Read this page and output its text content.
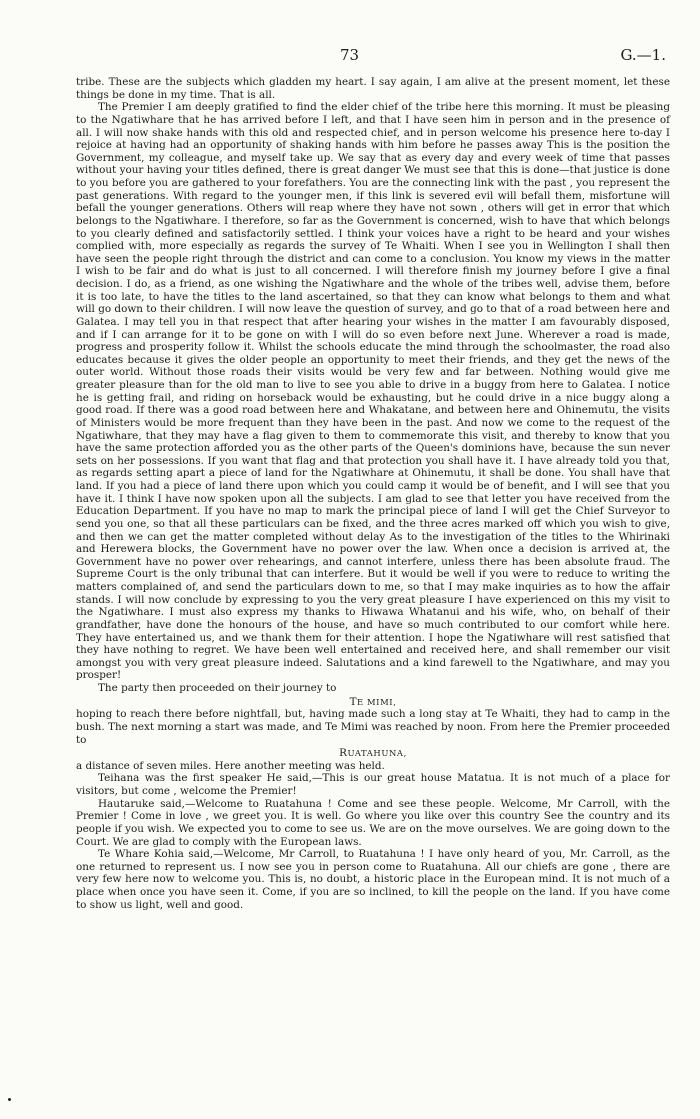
73	G.—1.

tribe. These are the subjects which gladden my heart. I say again, I am alive at the present moment, let these things be done in my time. That is all.

The Premier I am deeply gratified to find the elder chief of the tribe here this morning. It must be pleasing to the Ngatiwhare that he has arrived before I left, and that I have seen him in person and in the presence of all. I will now shake hands with this old and respected chief, and in person welcome his presence here to-day I rejoice at having had an opportunity of shaking hands with him before he passes away This is the position the Government, my colleague, and myself take up. We say that as every day and every week of time that passes without your having your titles defined, there is great danger We must see that this is done—that justice is done to you before you are gathered to your forefathers. You are the connecting link with the past , you represent the past generations. With regard to the younger men, if this link is severed evil will befall them, misfortune will befall the younger generations. Others will reap where they have not sown , others will get in error that which belongs to the Ngatiwhare. I therefore, so far as the Government is concerned, wish to have that which belongs to you clearly defined and satisfactorily settled. I think your voices have a right to be heard and your wishes complied with, more especially as regards the survey of Te Whaiti. When I see you in Wellington I shall then have seen the people right through the district and can come to a conclusion. You know my views in the matter I wish to be fair and do what is just to all concerned. I will therefore finish my journey before I give a final decision. I do, as a friend, as one wishing the Ngatiwhare and the whole of the tribes well, advise them, before it is too late, to have the titles to the land ascertained, so that they can know what belongs to them and what will go down to their children. I will now leave the question of survey, and go to that of a road between here and Galatea. I may tell you in that respect that after hearing your wishes in the matter I am favourably disposed, and if I can arrange for it to be gone on with I will do so even before next June. Wherever a road is made, progress and prosperity follow it. Whilst the schools educate the mind through the schoolmaster, the road also educates because it gives the older people an opportunity to meet their friends, and they get the news of the outer world. Without those roads their visits would be very few and far between. Nothing would give me greater pleasure than for the old man to live to see you able to drive in a buggy from here to Galatea. I notice he is getting frail, and riding on horseback would be exhausting, but he could drive in a nice buggy along a good road. If there was a good road between here and Whakatane, and between here and Ohinemutu, the visits of Ministers would be more frequent than they have been in the past. And now we come to the request of the Ngatiwhare, that they may have a flag given to them to commemorate this visit, and thereby to know that you have the same protection afforded you as the other parts of the Queen's dominions have, because the sun never sets on her possessions. If you want that flag and that protection you shall have it. I have already told you that, as regards setting apart a piece of land for the Ngatiwhare at Ohinemutu, it shall be done. You shall have that land. If you had a piece of land there upon which you could camp it would be of benefit, and I will see that you have it. I think I have now spoken upon all the subjects. I am glad to see that letter you have received from the Education Department. If you have no map to mark the principal piece of land I will get the Chief Surveyor to send you one, so that all these particulars can be fixed, and the three acres marked off which you wish to give, and then we can get the matter completed without delay As to the investigation of the titles to the Whirinaki and Herewera blocks, the Government have no power over the law. When once a decision is arrived at, the Government have no power over rehearings, and cannot interfere, unless there has been absolute fraud. The Supreme Court is the only tribunal that can interfere. But it would be well if you were to reduce to writing the matters complained of, and send the particulars down to me, so that I may make inquiries as to how the affair stands. I will now conclude by expressing to you the very great pleasure I have experienced on this my visit to the Ngatiwhare. I must also express my thanks to Hiwawa Whatanui and his wife, who, on behalf of their grandfather, have done the honours of the house, and have so much contributed to our comfort while here. They have entertained us, and we thank them for their attention. I hope the Ngatiwhare will rest satisfied that they have nothing to regret. We have been well entertained and received here, and shall remember our visit amongst you with very great pleasure indeed. Salutations and a kind farewell to the Ngatiwhare, and may you prosper!

The party then proceeded on their journey to

TE MIMI,

hoping to reach there before nightfall, but, having made such a long stay at Te Whaiti, they had to camp in the bush. The next morning a start was made, and Te Mimi was reached by noon. From here the Premier proceeded to

RUATAHUNA,

a distance of seven miles. Here another meeting was held.

Teihana was the first speaker He said,—This is our great house Matatua. It is not much of a place for visitors, but come , welcome the Premier!

Hautaruke said,—Welcome to Ruatahuna ! Come and see these people. Welcome, Mr Carroll, with the Premier ! Come in love , we greet you. It is well. Go where you like over this country See the country and its people if you wish. We expected you to come to see us. We are on the move ourselves. We are going down to the Court. We are glad to comply with the European laws.

Te Whare Kohia said,—Welcome, Mr Carroll, to Ruatahuna ! I have only heard of you, Mr. Carroll, as the one returned to represent us. I now see you in person come to Ruatahuna. All our chiefs are gone , there are very few here now to welcome you. This is, no doubt, a historic place in the European mind. It is not much of a place when once you have seen it. Come, if you are so inclined, to kill the people on the land. If you have come to show us light, well and good.
